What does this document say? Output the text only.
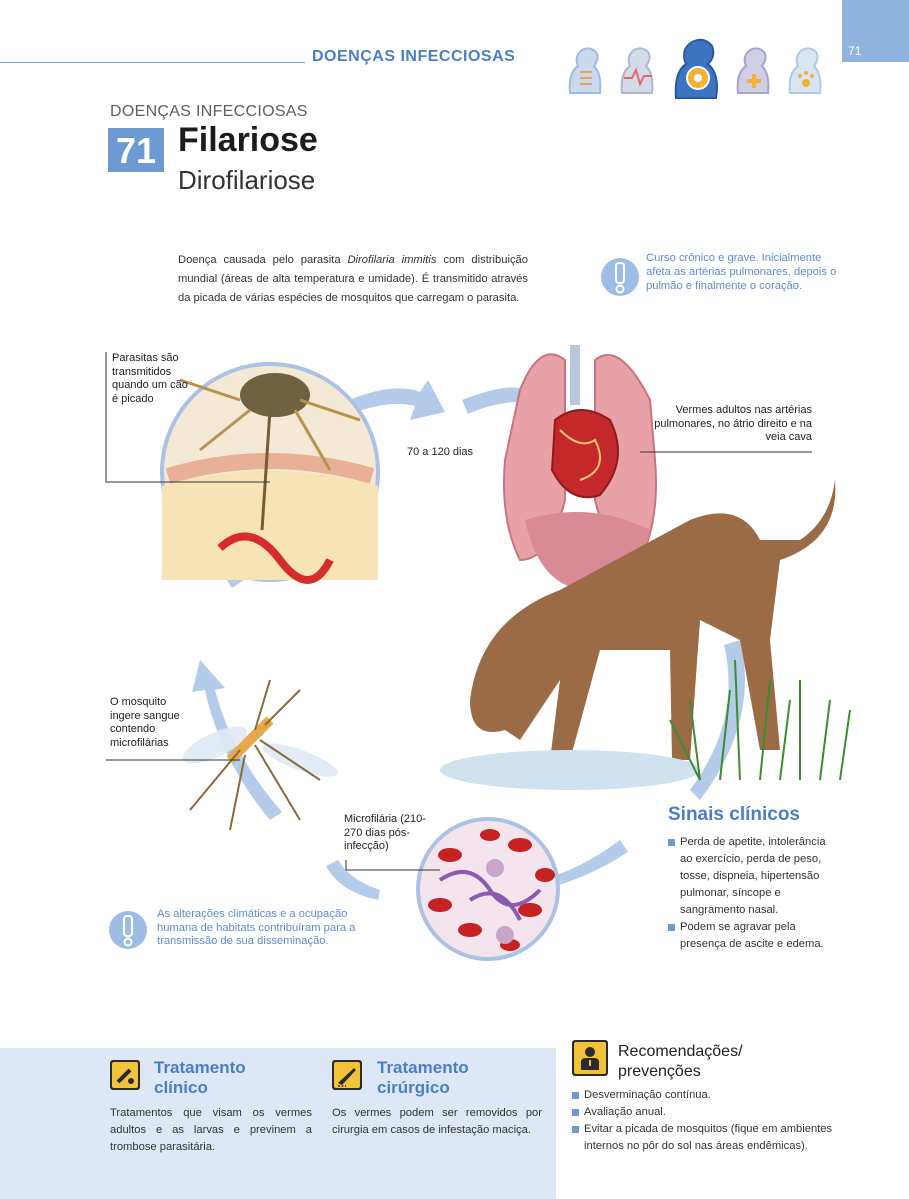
71
DOENÇAS INFECCIOSAS
DOENÇAS INFECCIOSAS
71 Filariose
Dirofilariose
Doença causada pelo parasita Dirofilaria immitis com distribuição mundial (áreas de alta temperatura e umidade). É transmitido através da picada de várias espécies de mosquitos que carregam o parasita.
Curso crônico e grave. Inicialmente afeta as artérias pulmonares, depois o pulmão e finalmente o coração.
Parasitas são transmitidos quando um cão é picado
70 a 120 dias
Vermes adultos nas artérias pulmonares, no átrio direito e na veia cava
O mosquito ingere sangue contendo microfilárias
Microfilária (210-270 dias pós-infecção)
As alterações climáticas e a ocupação humana de habitats contribuíram para a transmissão de sua disseminação.
Sinais clínicos
Perda de apetite, intolerância ao exercício, perda de peso, tosse, dispneia, hipertensão pulmonar, síncope e sangramento nasal.
Podem se agravar pela presença de ascite e edema.
Tratamento
clínico
Tratamentos que visam os vermes adultos e as larvas e previnem a trombose parasitária.
Tratamento
cirúrgico
Os vermes podem ser removidos por cirurgia em casos de infestação maciça.
Recomendações/
prevenções
Desverminação contínua.
Avaliação anual.
Evitar a picada de mosquitos (fique em ambientes internos no pôr do sol nas áreas endêmicas).
